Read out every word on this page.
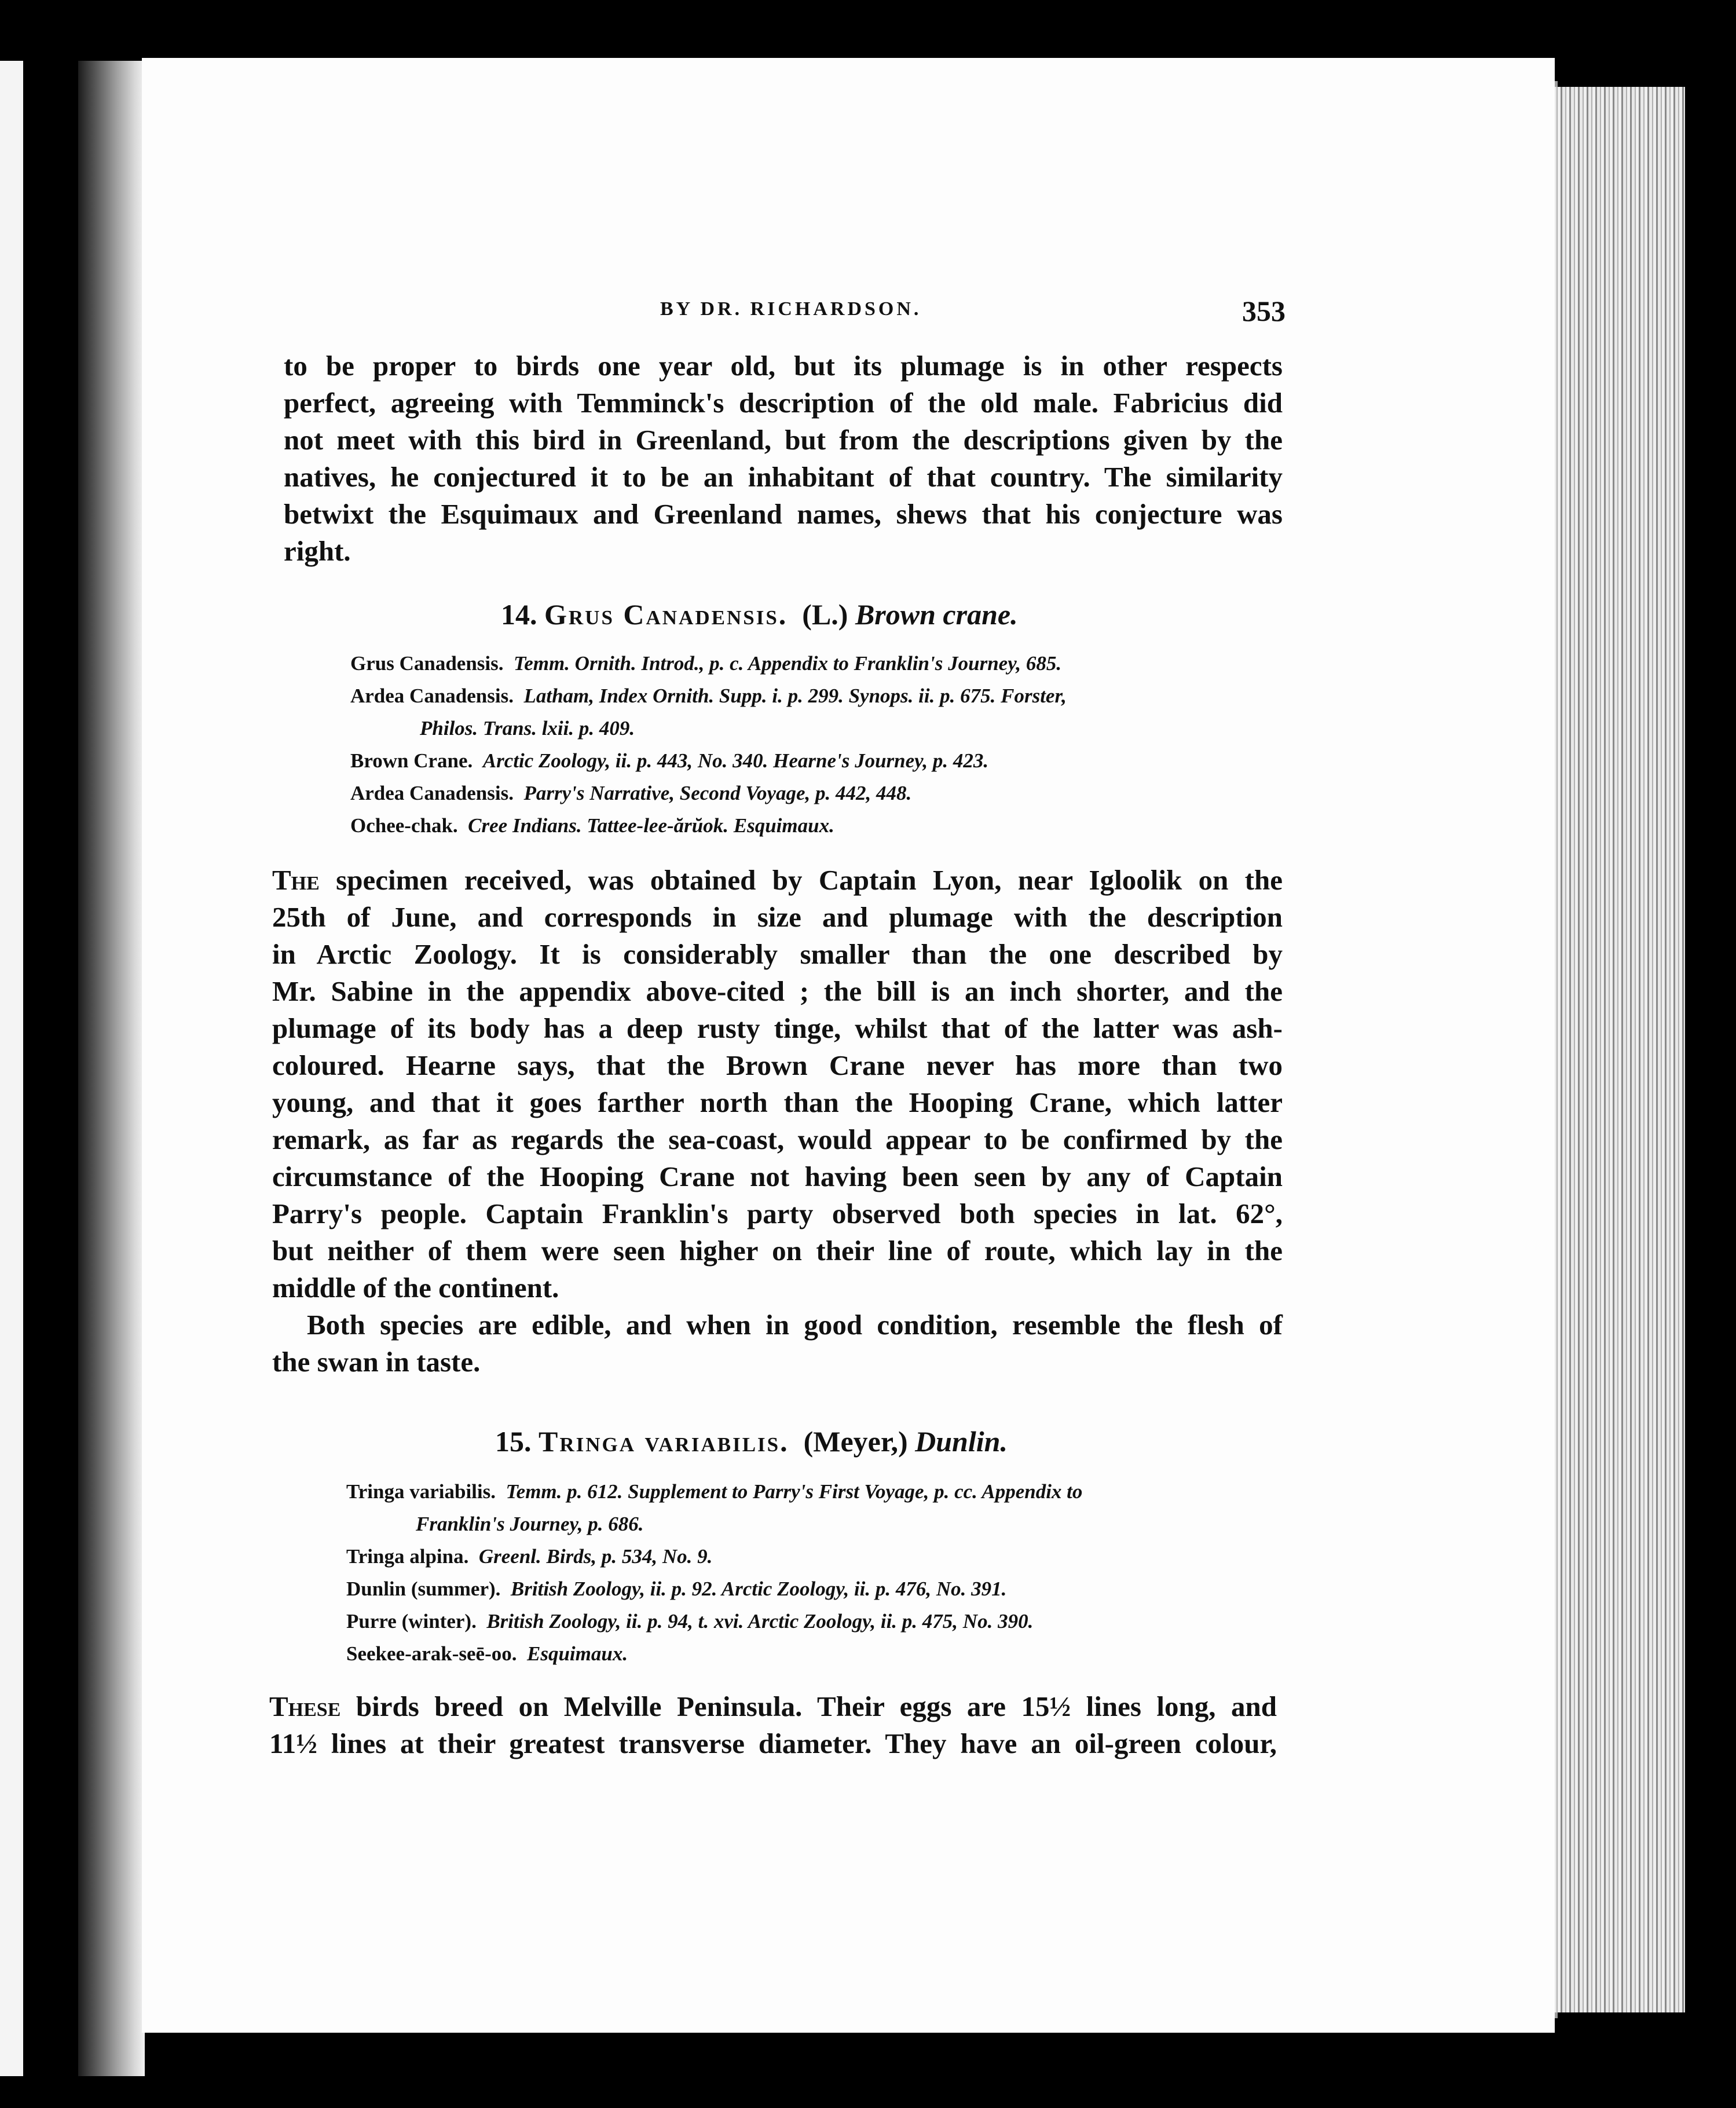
BY DR. RICHARDSON.	353
to be proper to birds one year old, but its plumage is in other respects
perfect, agreeing with Temminck's description of the old male. Fabricius did
not meet with this bird in Greenland, but from the descriptions given by the
natives, he conjectured it to be an inhabitant of that country. The similarity
betwixt the Esquimaux and Greenland names, shews that his conjecture was
right.
14. Grus Canadensis. (L.) Brown crane.
Grus Canadensis. Temm. Ornith. Introd., p. c. Appendix to Franklin's Journey, 685.
Ardea Canadensis. Latham, Index Ornith. Supp. i. p. 299. Synops. ii. p. 675. Forster,
Philos. Trans. lxii. p. 409.
Brown Crane. Arctic Zoology, ii. p. 443, No. 340. Hearne's Journey, p. 423.
Ardea Canadensis. Parry's Narrative, Second Voyage, p. 442, 448.
Ochee-chak. Cree Indians. Tattee-lee-ărŭok. Esquimaux.
The specimen received, was obtained by Captain Lyon, near Igloolik on the
25th of June, and corresponds in size and plumage with the description
in Arctic Zoology. It is considerably smaller than the one described by
Mr. Sabine in the appendix above-cited ; the bill is an inch shorter, and the
plumage of its body has a deep rusty tinge, whilst that of the latter was ash-
coloured. Hearne says, that the Brown Crane never has more than two
young, and that it goes farther north than the Hooping Crane, which latter
remark, as far as regards the sea-coast, would appear to be confirmed by the
circumstance of the Hooping Crane not having been seen by any of Captain
Parry's people. Captain Franklin's party observed both species in lat. 62°,
but neither of them were seen higher on their line of route, which lay in the
middle of the continent.
Both species are edible, and when in good condition, resemble the flesh of
the swan in taste.
15. Tringa variabilis. (Meyer,) Dunlin.
Tringa variabilis. Temm. p. 612. Supplement to Parry's First Voyage, p. cc. Appendix to
Franklin's Journey, p. 686.
Tringa alpina. Greenl. Birds, p. 534, No. 9.
Dunlin (summer). British Zoology, ii. p. 92. Arctic Zoology, ii. p. 476, No. 391.
Purre (winter). British Zoology, ii. p. 94, t. xvi. Arctic Zoology, ii. p. 475, No. 390.
Seekee-arak-seē-oo. Esquimaux.
These birds breed on Melville Peninsula. Their eggs are 15½ lines long, and
11½ lines at their greatest transverse diameter. They have an oil-green colour,
